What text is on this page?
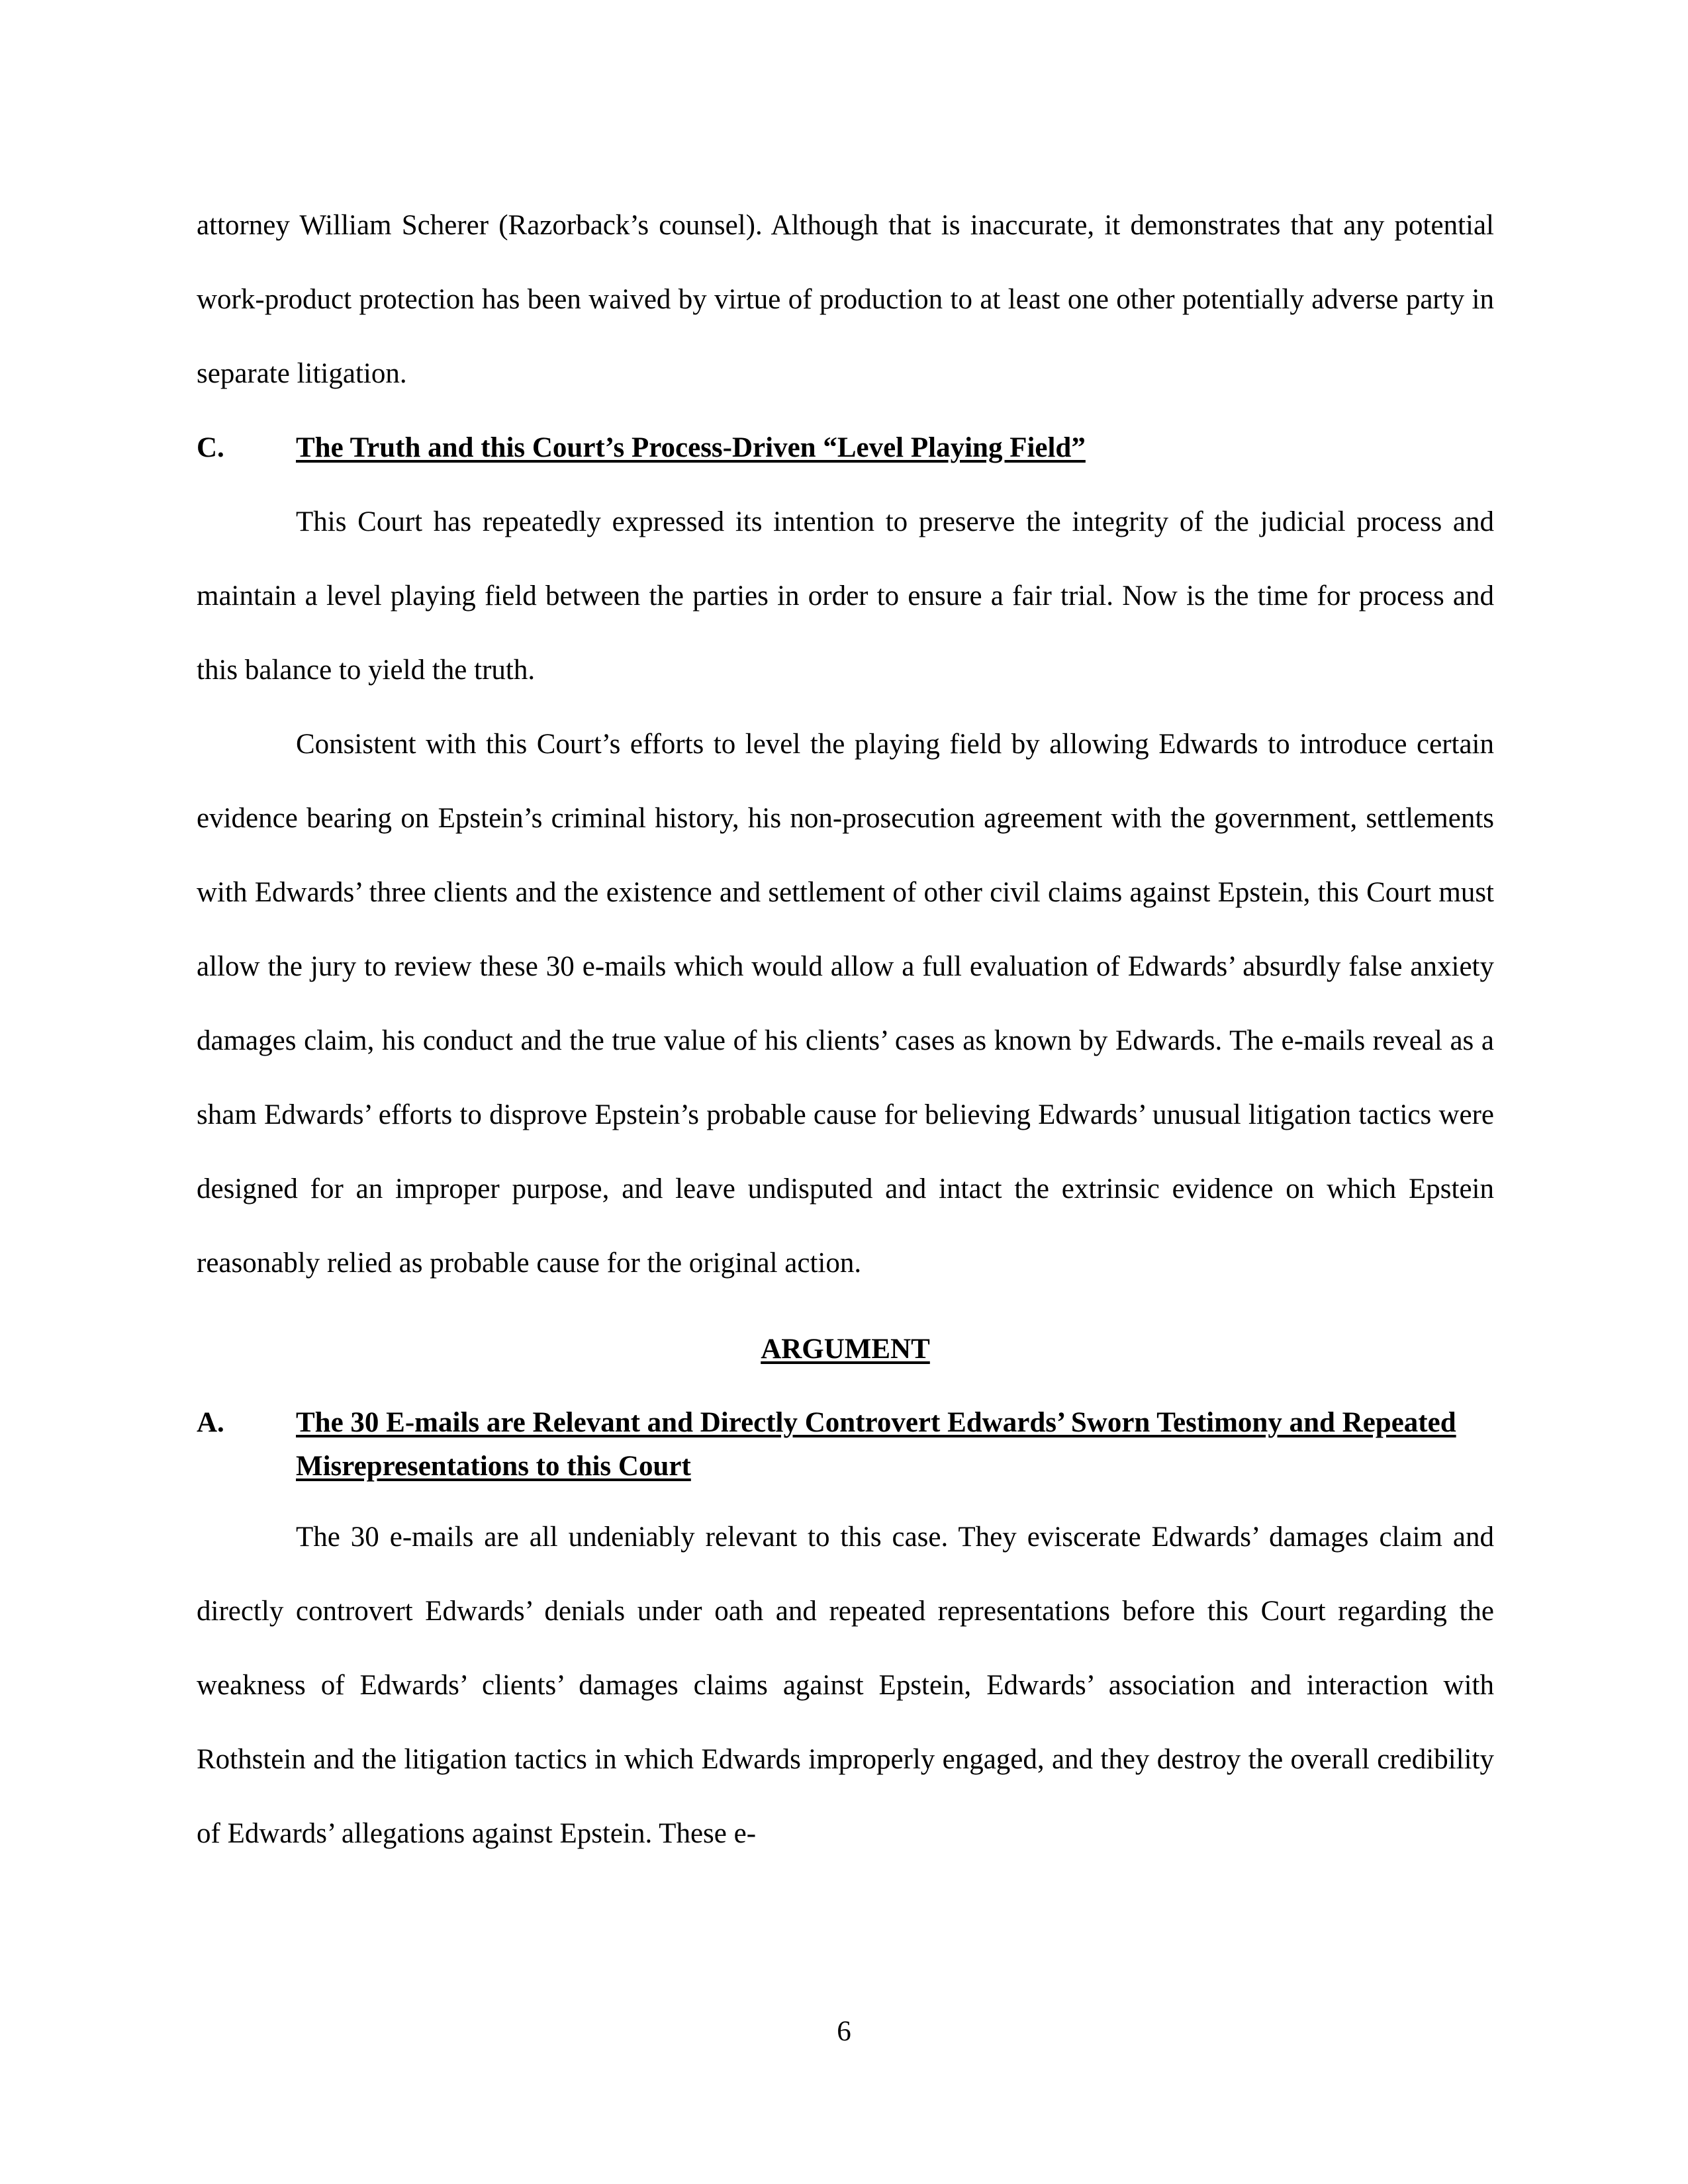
attorney William Scherer (Razorback’s counsel). Although that is inaccurate, it demonstrates that any potential work-product protection has been waived by virtue of production to at least one other potentially adverse party in separate litigation.

C.	The Truth and this Court’s Process-Driven “Level Playing Field”

This Court has repeatedly expressed its intention to preserve the integrity of the judicial process and maintain a level playing field between the parties in order to ensure a fair trial. Now is the time for process and this balance to yield the truth.

Consistent with this Court’s efforts to level the playing field by allowing Edwards to introduce certain evidence bearing on Epstein’s criminal history, his non-prosecution agreement with the government, settlements with Edwards’ three clients and the existence and settlement of other civil claims against Epstein, this Court must allow the jury to review these 30 e-mails which would allow a full evaluation of Edwards’ absurdly false anxiety damages claim, his conduct and the true value of his clients’ cases as known by Edwards. The e-mails reveal as a sham Edwards’ efforts to disprove Epstein’s probable cause for believing Edwards’ unusual litigation tactics were designed for an improper purpose, and leave undisputed and intact the extrinsic evidence on which Epstein reasonably relied as probable cause for the original action.

ARGUMENT

A.	The 30 E-mails are Relevant and Directly Controvert Edwards’ Sworn Testimony and Repeated Misrepresentations to this Court

The 30 e-mails are all undeniably relevant to this case. They eviscerate Edwards’ damages claim and directly controvert Edwards’ denials under oath and repeated representations before this Court regarding the weakness of Edwards’ clients’ damages claims against Epstein, Edwards’ association and interaction with Rothstein and the litigation tactics in which Edwards improperly engaged, and they destroy the overall credibility of Edwards’ allegations against Epstein. These e-

6
